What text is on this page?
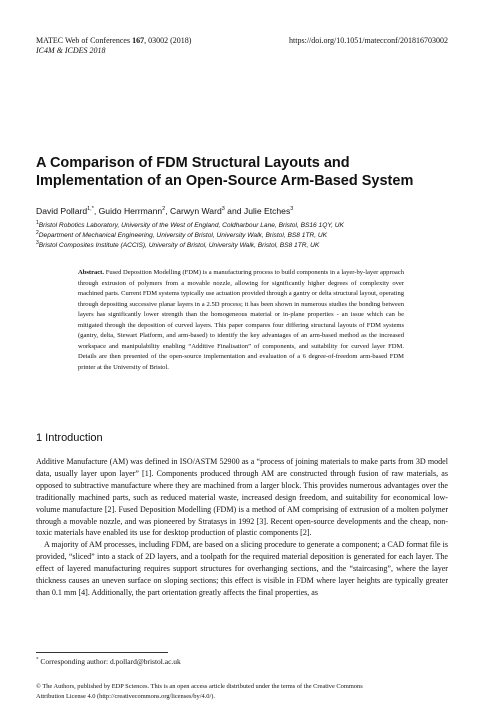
MATEC Web of Conferences 167, 03002 (2018)	https://doi.org/10.1051/matecconf/201816703002
IC4M & ICDES 2018
A Comparison of FDM Structural Layouts and Implementation of an Open-Source Arm-Based System
David Pollard$^{1,*}$, Guido Herrmann$^2$, Carwyn Ward$^3$ and Julie Etches$^3$
$^1$Bristol Robotics Laboratory, University of the West of England, Coldharbour Lane, Bristol, BS16 1QY, UK
$^2$Department of Mechanical Engineering, University of Bristol, University Walk, Bristol, BS8 1TR, UK
$^3$Bristol Composites Institute (ACCIS), University of Bristol, University Walk, Bristol, BS8 1TR, UK
Abstract. Fused Deposition Modelling (FDM) is a manufacturing process to build components in a layer-by-layer approach through extrusion of polymers from a movable nozzle, allowing for significantly higher degrees of complexity over machined parts. Current FDM systems typically use actuation provided through a gantry or delta structural layout, operating through depositing successive planar layers in a 2.5D process; it has been shown in numerous studies the bonding between layers has significantly lower strength than the homogeneous material or in-plane properties - an issue which can be mitigated through the deposition of curved layers. This paper compares four differing structural layouts of FDM systems (gantry, delta, Stewart Platform, and arm-based) to identify the key advantages of an arm-based method as the increased workspace and manipulability enabling “Additive Finalisation” of components, and suitability for curved layer FDM. Details are then presented of the open-source implementation and evaluation of a 6 degree-of-freedom arm-based FDM printer at the University of Bristol.
1 Introduction

Additive Manufacture (AM) was defined in ISO/ASTM 52900 as a “process of joining materials to make parts from 3D model data, usually layer upon layer” [1]. Components produced through AM are constructed through fusion of raw materials, as opposed to subtractive manufacture where they are machined from a larger block. This provides numerous advantages over the traditionally machined parts, such as reduced material waste, increased design freedom, and suitability for economical low-volume manufacture [2]. Fused Deposition Modelling (FDM) is a method of AM comprising of extrusion of a molten polymer through a movable nozzle, and was pioneered by Stratasys in 1992 [3]. Recent open-source developments and the cheap, non-toxic materials have enabled its use for desktop production of plastic components [2].

A majority of AM processes, including FDM, are based on a slicing procedure to generate a component; a CAD format file is provided, “sliced” into a stack of 2D layers, and a toolpath for the required material deposition is generated for each layer. The effect of layered manufacturing requires support structures for overhanging sections, and the “staircasing”, where the layer thickness causes an uneven surface on sloping sections; this effect is visible in FDM where layer heights are typically greater than 0.1 mm [4]. Additionally, the part orientation greatly affects the final properties, as

* Corresponding author: d.pollard@bristol.ac.uk
© The Authors, published by EDP Sciences. This is an open access article distributed under the terms of the Creative Commons
Attribution License 4.0 (http://creativecommons.org/licenses/by/4.0/).
